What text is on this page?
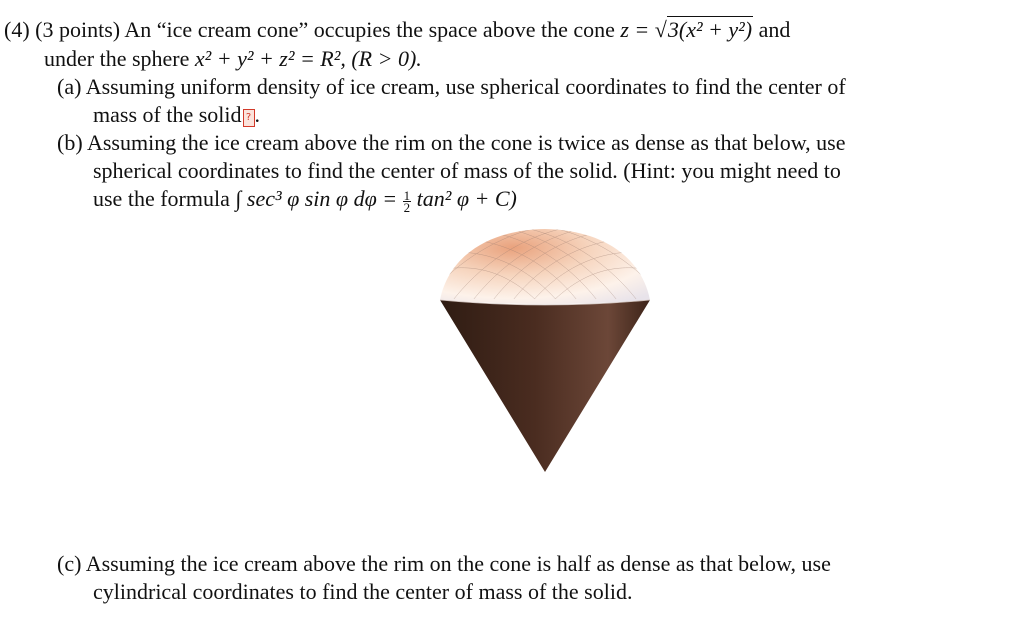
(4) (3 points) An “ice cream cone” occupies the space above the cone z = √3(x² + y²) and
under the sphere x² + y² + z² = R², (R > 0).
(a) Assuming uniform density of ice cream, use spherical coordinates to find the center of
mass of the solid ? .
(b) Assuming the ice cream above the rim on the cone is twice as dense as that below, use
spherical coordinates to find the center of mass of the solid. (Hint: you might need to
use the formula ∫ sec³ φ sin φ $d\varphi = \frac{1}{2} \tan^2$ φ + C)
(c) Assuming the ice cream above the rim on the cone is half as dense as that below, use
cylindrical coordinates to find the center of mass of the solid.
